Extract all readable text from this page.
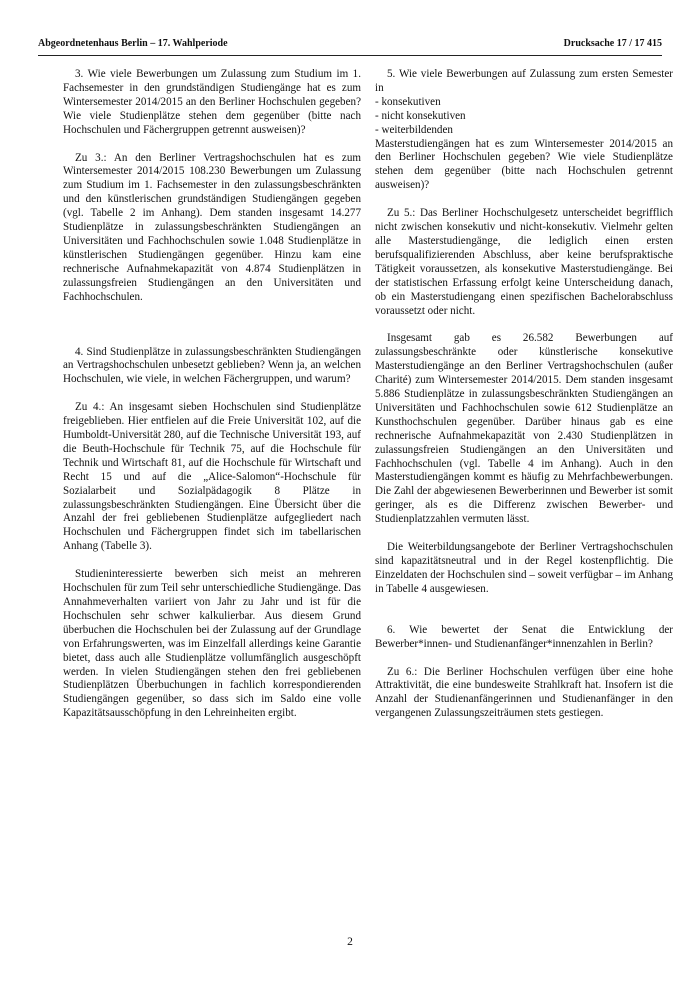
Abgeordnetenhaus Berlin – 17. Wahlperiode	Drucksache 17 / 17 415

3. Wie viele Bewerbungen um Zulassung zum Studium im 1. Fachsemester in den grundständigen Studiengänge hat es zum Wintersemester 2014/2015 an den Berliner Hochschulen gegeben? Wie viele Studienplätze stehen dem gegenüber (bitte nach Hochschulen und Fächergruppen getrennt ausweisen)?

Zu 3.: An den Berliner Vertragshochschulen hat es zum Wintersemester 2014/2015 108.230 Bewerbungen um Zulassung zum Studium im 1. Fachsemester in den zulassungsbeschränkten und den künstlerischen grundständigen Studiengängen gegeben (vgl. Tabelle 2 im Anhang). Dem standen insgesamt 14.277 Studienplätze in zulassungsbeschränkten Studiengängen an Universitäten und Fachhochschulen sowie 1.048 Studienplätze in künstlerischen Studiengängen gegenüber. Hinzu kam eine rechnerische Aufnahmekapazität von 4.874 Studienplätzen in zulassungsfreien Studiengängen an den Universitäten und Fachhochschulen.

4. Sind Studienplätze in zulassungsbeschränkten Studiengängen an Vertragshochschulen unbesetzt geblieben? Wenn ja, an welchen Hochschulen, wie viele, in welchen Fächergruppen, und warum?

Zu 4.: An insgesamt sieben Hochschulen sind Studienplätze freigeblieben. Hier entfielen auf die Freie Universität 102, auf die Humboldt-Universität 280, auf die Technische Universität 193, auf die Beuth-Hochschule für Technik 75, auf die Hochschule für Technik und Wirtschaft 81, auf die Hochschule für Wirtschaft und Recht 15 und auf die „Alice-Salomon“-Hochschule für Sozialarbeit und Sozialpädagogik 8 Plätze in zulassungsbeschränkten Studiengängen. Eine Übersicht über die Anzahl der frei gebliebenen Studienplätze aufgegliedert nach Hochschulen und Fächergruppen findet sich im tabellarischen Anhang (Tabelle 3).

Studieninteressierte bewerben sich meist an mehreren Hochschulen für zum Teil sehr unterschiedliche Studiengänge. Das Annahmeverhalten variiert von Jahr zu Jahr und ist für die Hochschulen sehr schwer kalkulierbar. Aus diesem Grund überbuchen die Hochschulen bei der Zulassung auf der Grundlage von Erfahrungswerten, was im Einzelfall allerdings keine Garantie bietet, dass auch alle Studienplätze vollumfänglich ausgeschöpft werden. In vielen Studiengängen stehen den frei gebliebenen Studienplätzen Überbuchungen in fachlich korrespondierenden Studiengängen gegenüber, so dass sich im Saldo eine volle Kapazitätsausschöpfung in den Lehreinheiten ergibt.

5. Wie viele Bewerbungen auf Zulassung zum ersten Semester in

- konsekutiven
- nicht konsekutiven
- weiterbildenden

Masterstudiengängen hat es zum Wintersemester 2014/2015 an den Berliner Hochschulen gegeben? Wie viele Studienplätze stehen dem gegenüber (bitte nach Hochschulen getrennt ausweisen)?

Zu 5.: Das Berliner Hochschulgesetz unterscheidet begrifflich nicht zwischen konsekutiv und nicht-konsekutiv. Vielmehr gelten alle Masterstudiengänge, die lediglich einen ersten berufsqualifizierenden Abschluss, aber keine berufspraktische Tätigkeit voraussetzen, als konsekutive Masterstudiengänge. Bei der statistischen Erfassung erfolgt keine Unterscheidung danach, ob ein Masterstudiengang einen spezifischen Bachelorabschluss voraussetzt oder nicht.

Insgesamt gab es 26.582 Bewerbungen auf zulassungsbeschränkte oder künstlerische konsekutive Masterstudiengänge an den Berliner Vertragshochschulen (außer Charité) zum Wintersemester 2014/2015. Dem standen insgesamt 5.886 Studienplätze in zulassungsbeschränkten Studiengängen an Universitäten und Fachhochschulen sowie 612 Studienplätze an Kunsthochschulen gegenüber. Darüber hinaus gab es eine rechnerische Aufnahmekapazität von 2.430 Studienplätzen in zulassungsfreien Studiengängen an den Universitäten und Fachhochschulen (vgl. Tabelle 4 im Anhang). Auch in den Masterstudiengängen kommt es häufig zu Mehrfachbewerbungen. Die Zahl der abgewiesenen Bewerberinnen und Bewerber ist somit geringer, als es die Differenz zwischen Bewerber- und Studienplatzzahlen vermuten lässt.

Die Weiterbildungsangebote der Berliner Vertragshochschulen sind kapazitätsneutral und in der Regel kostenpflichtig. Die Einzeldaten der Hochschulen sind – soweit verfügbar – im Anhang in Tabelle 4 ausgewiesen.

6. Wie bewertet der Senat die Entwicklung der Bewerber*innen- und Studienanfänger*innenzahlen in Berlin?

Zu 6.: Die Berliner Hochschulen verfügen über eine hohe Attraktivität, die eine bundesweite Strahlkraft hat. Insofern ist die Anzahl der Studienanfängerinnen und Studienanfänger in den vergangenen Zulassungszeiträumen stets gestiegen.

2
